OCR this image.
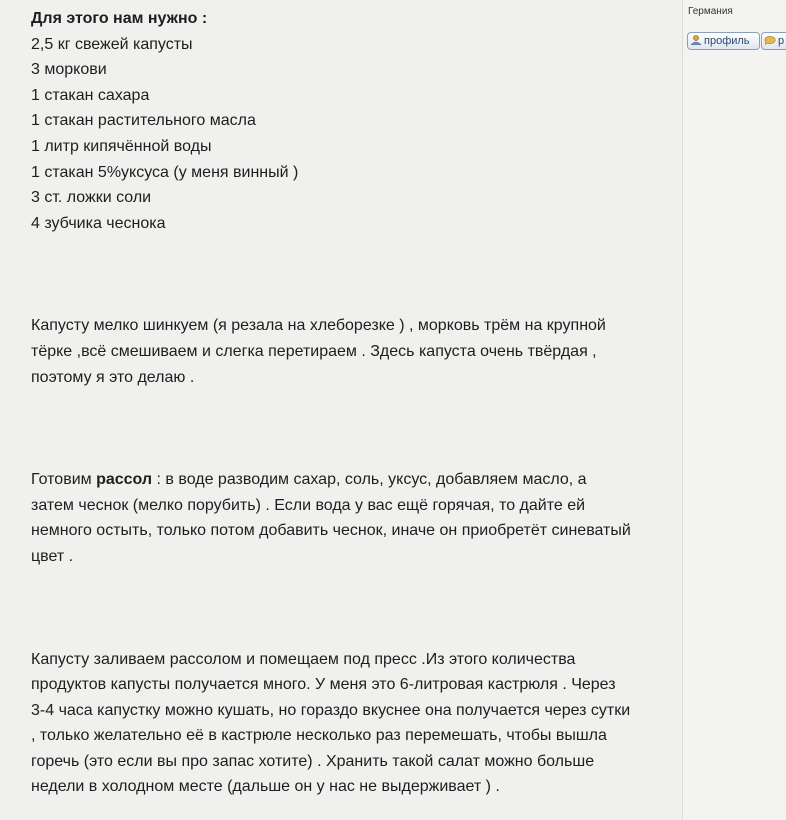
Для этого нам нужно :
2,5 кг свежей капусты
3 моркови
1 стакан сахара
1 стакан растительного масла
1 литр кипячённой воды
1 стакан 5%уксуса (у меня винный )
3 ст. ложки соли
4 зубчика чеснока
Капусту мелко шинкуем (я резала на хлеборезке ) , морковь трём на крупной
тёрке ,всё смешиваем и слегка перетираем . Здесь капуста очень твёрдая ,
поэтому я это делаю .
Готовим рассол : в воде разводим сахар, соль, уксус, добавляем масло, а
затем чеснок (мелко порубить) . Если вода у вас ещё горячая, то дайте ей
немного остыть, только потом добавить чеснок, иначе он приобретёт синеватый
цвет .
Капусту заливаем рассолом и помещаем под пресс .Из этого количества
продуктов капусты получается много. У меня это 6-литровая кастрюля . Через
3-4 часа капустку можно кушать, но гораздо вкуснее она получается через сутки
, только желательно её в кастрюле несколько раз перемешать, чтобы вышла
горечь (это если вы про запас хотите) . Хранить такой салат можно больше
недели в холодном месте (дальше он у нас не выдерживает ) .
Германия
профиль	р
